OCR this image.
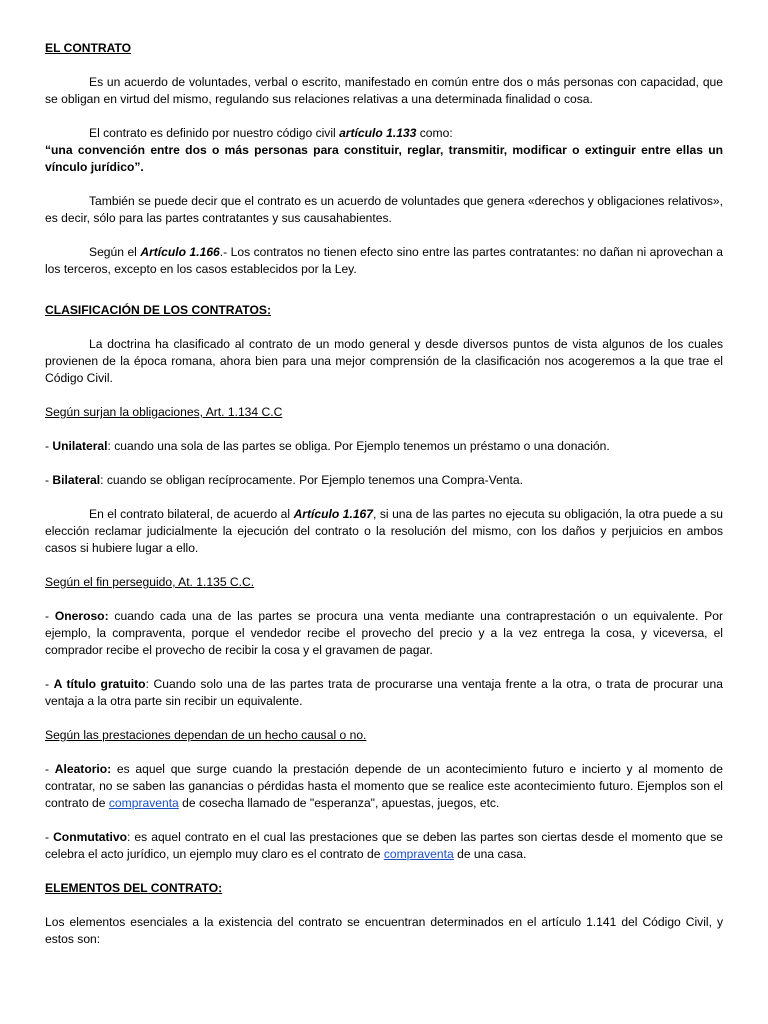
EL CONTRATO

Es un acuerdo de voluntades, verbal o escrito, manifestado en común entre dos o más personas con capacidad, que se obligan en virtud del mismo, regulando sus relaciones relativas a una determinada finalidad o cosa.

El contrato es definido por nuestro código civil artículo 1.133 como:

“una convención entre dos o más personas para constituir, reglar, transmitir, modificar o extinguir entre ellas un vínculo jurídico”.

También se puede decir que el contrato es un acuerdo de voluntades que genera «derechos y obligaciones relativos», es decir, sólo para las partes contratantes y sus causahabientes.

Según el Artículo 1.166.- Los contratos no tienen efecto sino entre las partes contratantes: no dañan ni aprovechan a los terceros, excepto en los casos establecidos por la Ley.

CLASIFICACIÓN DE LOS CONTRATOS:

La doctrina ha clasificado al contrato de un modo general y desde diversos puntos de vista algunos de los cuales provienen de la época romana, ahora bien para una mejor comprensión de la clasificación nos acogeremos a la que trae el Código Civil.

Según surjan la obligaciones, Art. 1.134 C.C

- Unilateral: cuando una sola de las partes se obliga. Por Ejemplo tenemos un préstamo o una donación.

- Bilateral: cuando se obligan recíprocamente. Por Ejemplo tenemos una Compra-Venta.

En el contrato bilateral, de acuerdo al Artículo 1.167, si una de las partes no ejecuta su obligación, la otra puede a su elección reclamar judicialmente la ejecución del contrato o la resolución del mismo, con los daños y perjuicios en ambos casos si hubiere lugar a ello.

Según el fin perseguido, At. 1.135 C.C.

- Oneroso: cuando cada una de las partes se procura una venta mediante una contraprestación o un equivalente. Por ejemplo, la compraventa, porque el vendedor recibe el provecho del precio y a la vez entrega la cosa, y viceversa, el comprador recibe el provecho de recibir la cosa y el gravamen de pagar.

- A título gratuito: Cuando solo una de las partes trata de procurarse una ventaja frente a la otra, o trata de procurar una ventaja a la otra parte sin recibir un equivalente.

Según las prestaciones dependan de un hecho causal o no.

- Aleatorio: es aquel que surge cuando la prestación depende de un acontecimiento futuro e incierto y al momento de contratar, no se saben las ganancias o pérdidas hasta el momento que se realice este acontecimiento futuro. Ejemplos son el contrato de compraventa de cosecha llamado de "esperanza", apuestas, juegos, etc.

- Conmutativo: es aquel contrato en el cual las prestaciones que se deben las partes son ciertas desde el momento que se celebra el acto jurídico, un ejemplo muy claro es el contrato de compraventa de una casa.

ELEMENTOS DEL CONTRATO:

Los elementos esenciales a la existencia del contrato se encuentran determinados en el artículo 1.141 del Código Civil, y estos son:
